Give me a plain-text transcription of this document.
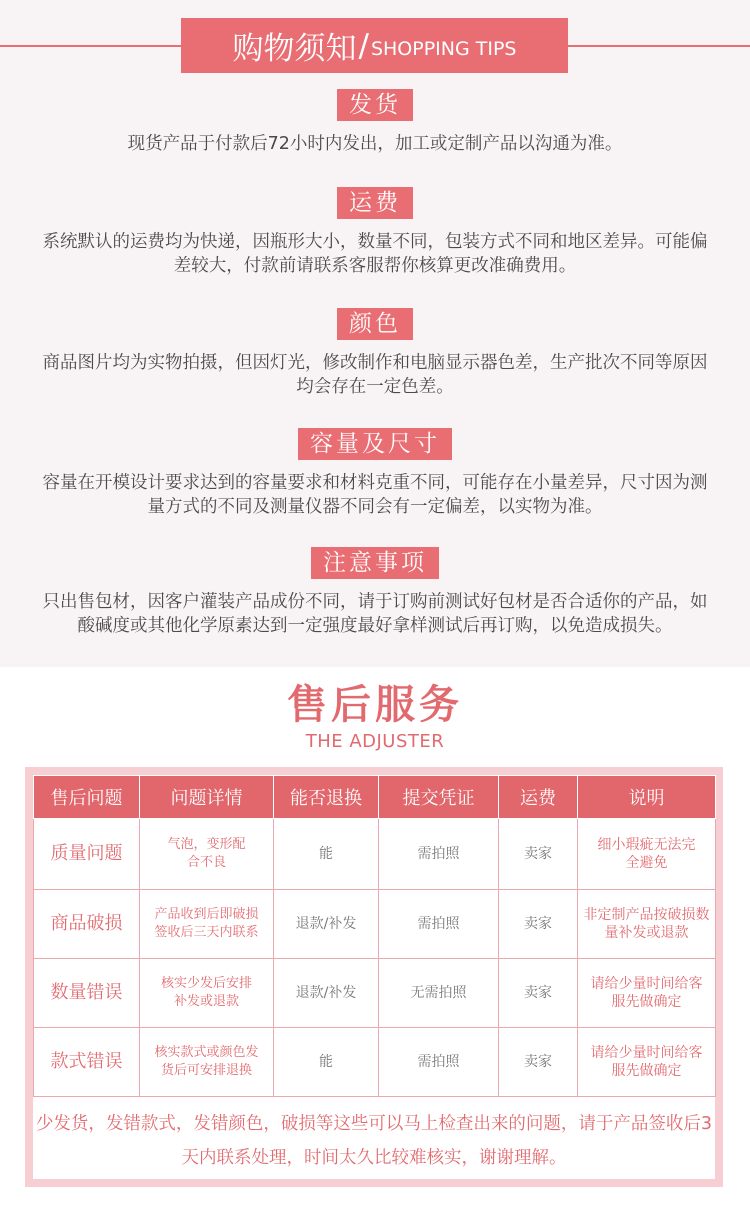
购物须知 / SHOPPING TIPS
发货

现货产品于付款后72小时内发出，加工或定制产品以沟通为准。

运费

系统默认的运费均为快递，因瓶形大小，数量不同，包装方式不同和地区差异。可能偏差较大，付款前请联系客服帮你核算更改准确费用。

颜色

商品图片均为实物拍摄，但因灯光，修改制作和电脑显示器色差，生产批次不同等原因均会存在一定色差。

容量及尺寸

容量在开模设计要求达到的容量要求和材料克重不同，可能存在小量差异，尺寸因为测量方式的不同及测量仪器不同会有一定偏差，以实物为准。

注意事项

只出售包材，因客户灌装产品成份不同，请于订购前测试好包材是否合适你的产品，如酸碱度或其他化学原素达到一定强度最好拿样测试后再订购，以免造成损失。

售后服务

THE ADJUSTER

售后问题	问题详情	能否退换	提交凭证	运费	说明
质量问题	气泡，变形配合不良	能	需拍照	卖家	细小瑕疵无法完全避免

商品破损	产品收到后即破损签收后三天内联系	退款/补发	需拍照	卖家	非定制产品按破损数量补发或退款

数量错误	核实少发后安排补发或退款	退款/补发	无需拍照	卖家	请给少量时间给客服先做确定

款式错误	核实款式或颜色发货后可安排退换	能	需拍照	卖家	请给少量时间给客服先做确定

少发货，发错款式，发错颜色，破损等这些可以马上检查出来的问题，请于产品签收后3天内联系处理，时间太久比较难核实，谢谢理解。
